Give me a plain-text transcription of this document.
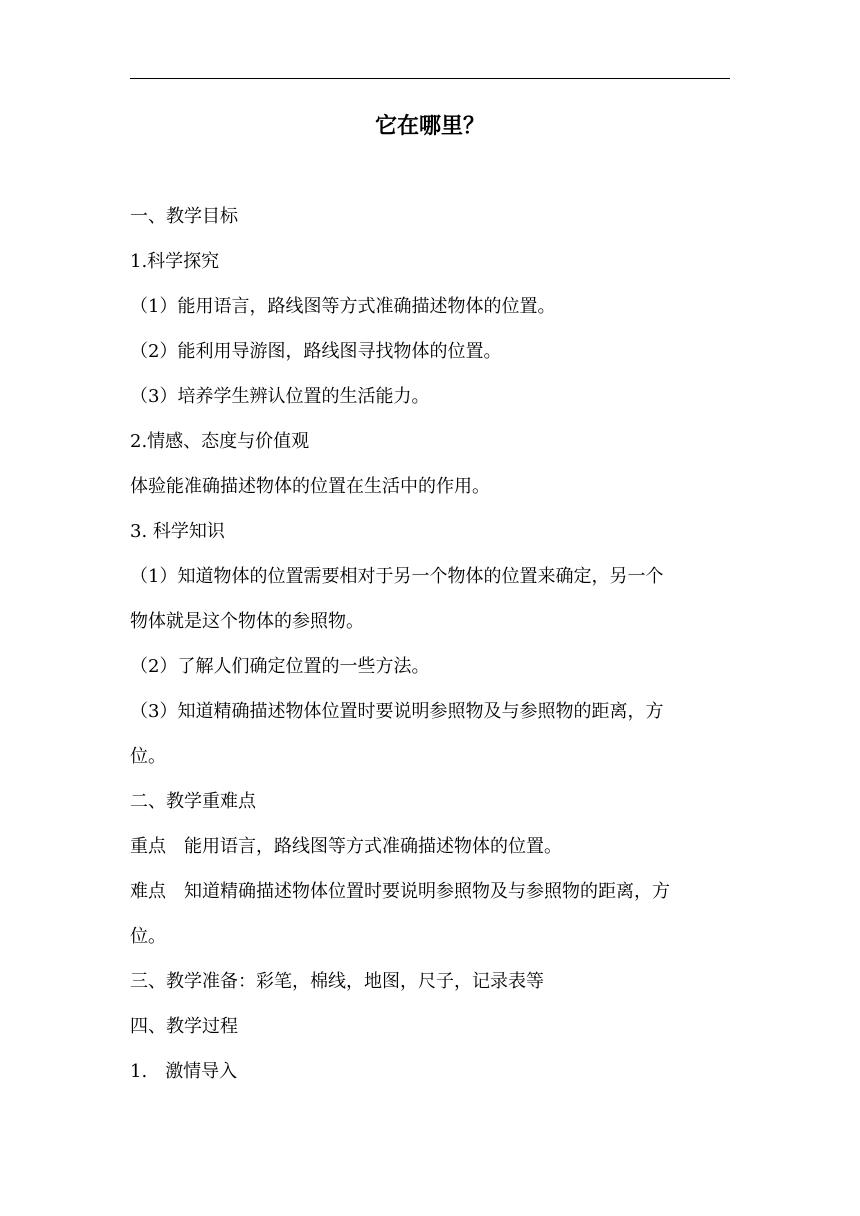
它在哪里？
一、教学目标
1.科学探究
（1）能用语言，路线图等方式准确描述物体的位置。
（2）能利用导游图，路线图寻找物体的位置。
（3）培养学生辨认位置的生活能力。
2.情感、态度与价值观
体验能准确描述物体的位置在生活中的作用。
3. 科学知识
（1）知道物体的位置需要相对于另一个物体的位置来确定，另一个
物体就是这个物体的参照物。
（2）了解人们确定位置的一些方法。
（3）知道精确描述物体位置时要说明参照物及与参照物的距离，方
位。
二、教学重难点
重点 能用语言，路线图等方式准确描述物体的位置。
难点 知道精确描述物体位置时要说明参照物及与参照物的距离，方
位。
三、教学准备：彩笔，棉线，地图，尺子，记录表等
四、教学过程
1. 激情导入
